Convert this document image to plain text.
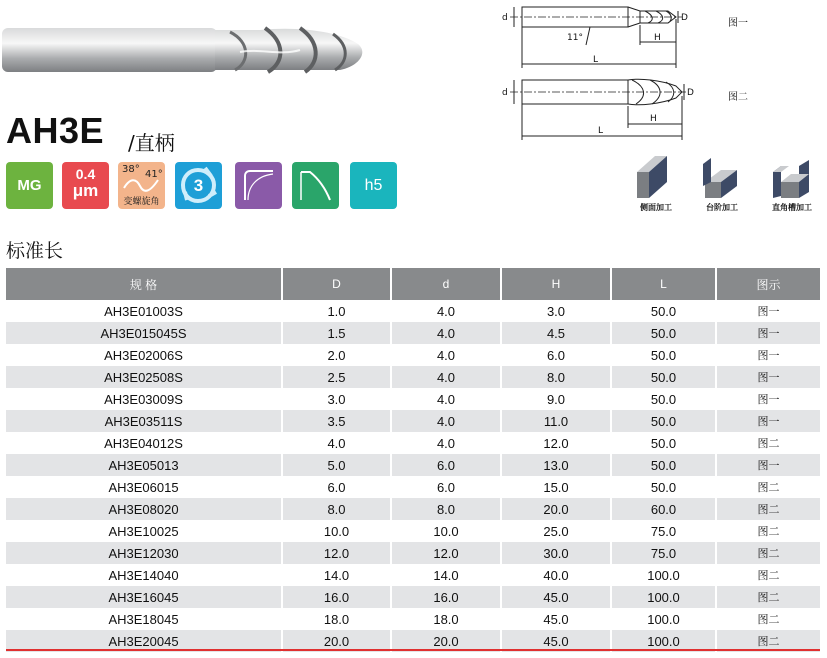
AH3E /直柄
MG
0.4
μm
38° 41°
变螺旋角
3	h5
d	D
H
L
11°
d	D
H
L
图一
图二
侧面加工	台阶加工	直角槽加工
标准长
规 格	D	d	H	L	图示
AH3E01003S	1.0	4.0	3.0	50.0	图一
AH3E015045S	1.5	4.0	4.5	50.0	图一
AH3E02006S	2.0	4.0	6.0	50.0	图一
AH3E02508S	2.5	4.0	8.0	50.0	图一
AH3E03009S	3.0	4.0	9.0	50.0	图一
AH3E03511S	3.5	4.0	11.0	50.0	图一
AH3E04012S	4.0	4.0	12.0	50.0	图二
AH3E05013	5.0	6.0	13.0	50.0	图一
AH3E06015	6.0	6.0	15.0	50.0	图二
AH3E08020	8.0	8.0	20.0	60.0	图二
AH3E10025	10.0	10.0	25.0	75.0	图二
AH3E12030	12.0	12.0	30.0	75.0	图二
AH3E14040	14.0	14.0	40.0	100.0	图二
AH3E16045	16.0	16.0	45.0	100.0	图二
AH3E18045	18.0	18.0	45.0	100.0	图二
AH3E20045	20.0	20.0	45.0	100.0	图二
